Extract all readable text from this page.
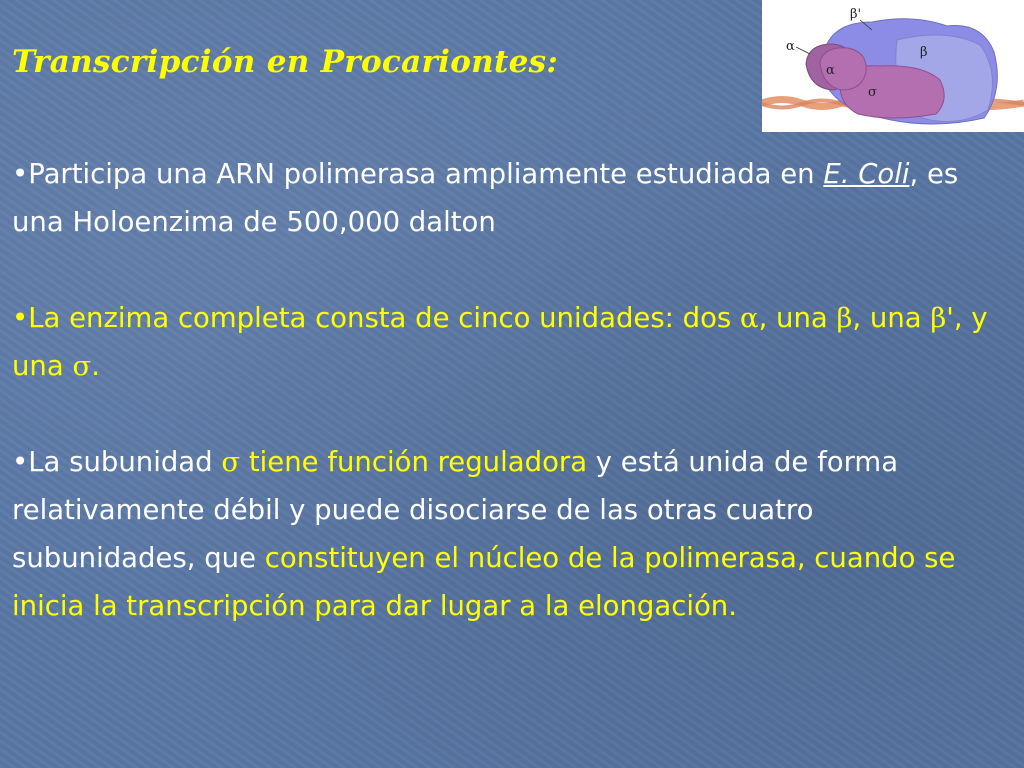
Transcripción en Procariontes:
β'
α
α
β
σ

•Participa una ARN polimerasa ampliamente estudiada en E. Coli, es una Holoenzima de 500,000 dalton

•La enzima completa consta de cinco unidades: dos α, una β, una β', y una σ.

•La subunidad σ tiene función reguladora y está unida de forma relativamente débil y puede disociarse de las otras cuatro subunidades, que constituyen el núcleo de la polimerasa, cuando se inicia la transcripción para dar lugar a la elongación.
